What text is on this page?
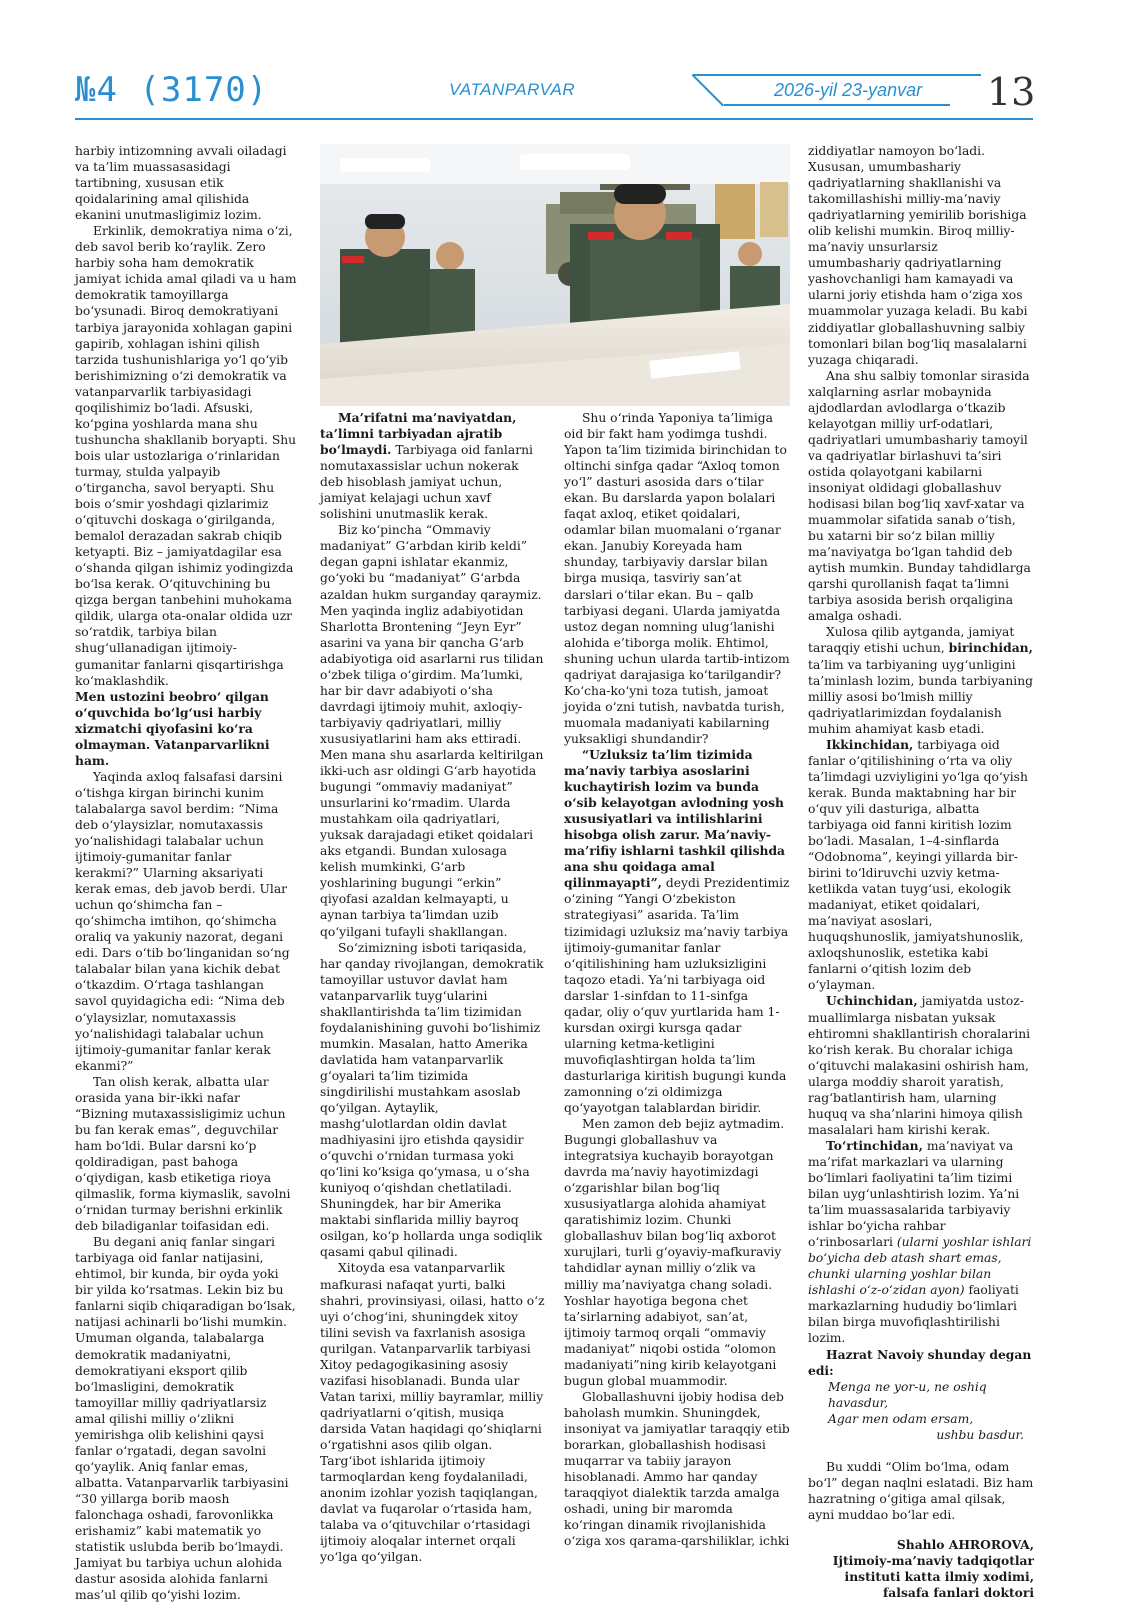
№4 (3170)	VATANPARVAR	2026-yil 23-yanvar 13

harbiy intizomning avvali oiladagi va ta’lim muassasasidagi tartibning, xususan etik qoidalarining amal qilishida ekanini unutmasligimiz lozim.

Erkinlik, demokratiya nima o‘zi, deb savol berib ko‘raylik. Zero harbiy soha ham demokratik jamiyat ichida amal qiladi va u ham demokratik tamoyillarga bo‘ysunadi. Biroq demokratiyani tarbiya jarayonida xohlagan gapini gapirib, xohlagan ishini qilish tarzida tushunishlariga yo‘l qo‘yib berishimizning o‘zi demokratik va vatanparvarlik tarbiyasidagi qoqilishimiz bo‘ladi. Afsuski, ko‘pgina yoshlarda mana shu tushuncha shakllanib boryapti. Shu bois ular ustozlariga o‘rinlaridan turmay, stulda yalpayib o‘tirgancha, savol beryapti. Shu bois o‘smir yoshdagi qizlarimiz o‘qituvchi doskaga o‘girilganda, bemalol derazadan sakrab chiqib ketyapti. Biz – jamiyatdagilar esa o‘shanda qilgan ishimiz yodingizda bo‘lsa kerak. O‘qituvchining bu qizga bergan tanbehini muhokama qildik, ularga ota-onalar oldida uzr so‘ratdik, tarbiya bilan shug‘ullanadigan ijtimoiy-gumanitar fanlarni qisqartirishga ko‘maklashdik.

Men ustozini beobro‘ qilgan o‘quvchida bo‘lg‘usi harbiy xizmatchi qiyofasini ko‘ra olmayman. Vatanparvarlikni ham.

Yaqinda axloq falsafasi darsini o‘tishga kirgan birinchi kunim talabalarga savol berdim: “Nima deb o‘ylaysizlar, nomutaxassis yo‘nalishidagi talabalar uchun ijtimoiy-gumanitar fanlar kerakmi?” Ularning aksariyati kerak emas, deb javob berdi. Ular uchun qo‘shimcha fan – qo‘shimcha imtihon, qo‘shimcha oraliq va yakuniy nazorat, degani edi. Dars o‘tib bo‘linganidan so‘ng talabalar bilan yana kichik debat o‘tkazdim. O‘rtaga tashlangan savol quyidagicha edi: “Nima deb o‘ylaysizlar, nomutaxassis yo‘nalishidagi talabalar uchun ijtimoiy-gumanitar fanlar kerak ekanmi?”

Tan olish kerak, albatta ular orasida yana bir-ikki nafar “Bizning mutaxassisligimiz uchun bu fan kerak emas”, deguvchilar ham bo‘ldi. Bular darsni ko‘p qoldiradigan, past bahoga o‘qiydigan, kasb etiketiga rioya qilmaslik, forma kiymaslik, savolni o‘rnidan turmay berishni erkinlik deb biladiganlar toifasidan edi.

Bu degani aniq fanlar singari tarbiyaga oid fanlar natijasini, ehtimol, bir kunda, bir oyda yoki bir yilda ko‘rsatmas. Lekin biz bu fanlarni siqib chiqaradigan bo‘lsak, natijasi achinarli bo‘lishi mumkin. Umuman olganda, talabalarga demokratik madaniyatni, demokratiyani eksport qilib bo‘lmasligini, demokratik tamoyillar milliy qadriyatlarsiz amal qilishi milliy o‘zlikni yemirishga olib kelishini qaysi fanlar o‘rgatadi, degan savolni qo‘yaylik. Aniq fanlar emas, albatta. Vatanparvarlik tarbiyasini “30 yillarga borib maosh falonchaga oshadi, farovonlikka erishamiz” kabi matematik yo statistik uslubda berib bo‘lmaydi. Jamiyat bu tarbiya uchun alohida dastur asosida alohida fanlarni mas’ul qilib qo‘yishi lozim.

Ma’rifatni ma’naviyatdan, ta’limni tarbiyadan ajratib bo‘lmaydi. Tarbiyaga oid fanlarni nomutaxassislar uchun nokerak deb hisoblash jamiyat uchun, jamiyat kelajagi uchun xavf solishini unutmaslik kerak.

Biz ko‘pincha “Ommaviy madaniyat” G‘arbdan kirib keldi” degan gapni ishlatar ekanmiz, go‘yoki bu “madaniyat” G‘arbda azaldan hukm surganday qaraymiz. Men yaqinda ingliz adabiyotidan Sharlotta Brontening “Jeyn Eyr” asarini va yana bir qancha G‘arb adabiyotiga oid asarlarni rus tilidan o‘zbek tiliga o‘girdim. Ma’lumki, har bir davr adabiyoti o‘sha davrdagi ijtimoiy muhit, axloqiy-tarbiyaviy qadriyatlari, milliy xususiyatlarini ham aks ettiradi. Men mana shu asarlarda keltirilgan ikki-uch asr oldingi G‘arb hayotida bugungi “ommaviy madaniyat” unsurlarini ko‘rmadim. Ularda mustahkam oila qadriyatlari, yuksak darajadagi etiket qoidalari aks etgandi. Bundan xulosaga kelish mumkinki, G‘arb yoshlarining bugungi “erkin” qiyofasi azaldan kelmayapti, u aynan tarbiya ta’limdan uzib qo‘yilgani tufayli shakllangan.

So‘zimizning isboti tariqasida, har qanday rivojlangan, demokratik tamoyillar ustuvor davlat ham vatanparvarlik tuyg‘ularini shakllantirishda ta’lim tizimidan foydalanishining guvohi bo‘lishimiz mumkin. Masalan, hatto Amerika davlatida ham vatanparvarlik g‘oyalari ta’lim tizimida singdirilishi mustahkam asoslab qo‘yilgan. Aytaylik, mashg‘ulotlardan oldin davlat madhiyasini ijro etishda qaysidir o‘quvchi o‘rnidan turmasa yoki qo‘lini ko‘ksiga qo‘ymasa, u o‘sha kuniyoq o‘qishdan chetlatiladi. Shuningdek, har bir Amerika maktabi sinflarida milliy bayroq osilgan, ko‘p hollarda unga sodiqlik qasami qabul qilinadi.

Xitoyda esa vatanparvarlik mafkurasi nafaqat yurti, balki shahri, provinsiyasi, oilasi, hatto o‘z uyi o‘chog‘ini, shuningdek xitoy tilini sevish va faxrlanish asosiga qurilgan. Vatanparvarlik tarbiyasi Xitoy pedagogikasining asosiy vazifasi hisoblanadi. Bunda ular Vatan tarixi, milliy bayramlar, milliy qadriyatlarni o‘qitish, musiqa darsida Vatan haqidagi qo‘shiqlarni o‘rgatishni asos qilib olgan. Targ‘ibot ishlarida ijtimoiy tarmoqlardan keng foydalaniladi, anonim izohlar yozish taqiqlangan, davlat va fuqarolar o‘rtasida ham, talaba va o‘qituvchilar o‘rtasidagi ijtimoiy aloqalar internet orqali yo‘lga qo‘yilgan.

Shu o‘rinda Yaponiya ta’limiga oid bir fakt ham yodimga tushdi. Yapon ta’lim tizimida birinchidan to oltinchi sinfga qadar “Axloq tomon yo‘l” dasturi asosida dars o‘tilar ekan. Bu darslarda yapon bolalari faqat axloq, etiket qoidalari, odamlar bilan muomalani o‘rganar ekan. Janubiy Koreyada ham shunday, tarbiyaviy darslar bilan birga musiqa, tasviriy san’at darslari o‘tilar ekan. Bu – qalb tarbiyasi degani. Ularda jamiyatda ustoz degan nomning ulug‘lanishi alohida e’tiborga molik. Ehtimol, shuning uchun ularda tartib-intizom qadriyat darajasiga ko‘tarilgandir? Ko‘cha-ko‘yni toza tutish, jamoat joyida o‘zni tutish, navbatda turish, muomala madaniyati kabilarning yuksakligi shundandir?

“Uzluksiz ta’lim tizimida ma’naviy tarbiya asoslarini kuchaytirish lozim va bunda o‘sib kelayotgan avlodning yosh xususiyatlari va intilishlarini hisobga olish zarur. Ma’naviy-ma’rifiy ishlarni tashkil qilishda ana shu qoidaga amal qilinmayapti”, deydi Prezidentimiz o‘zining “Yangi O‘zbekiston strategiyasi” asarida. Ta’lim tizimidagi uzluksiz ma’naviy tarbiya ijtimoiy-gumanitar fanlar o‘qitilishining ham uzluksizligini taqozo etadi. Ya’ni tarbiyaga oid darslar 1-sinfdan to 11-sinfga qadar, oliy o‘quv yurtlarida ham 1-kursdan oxirgi kursga qadar ularning ketma-ketligini muvofiqlashtirgan holda ta’lim dasturlariga kiritish bugungi kunda zamonning o‘zi oldimizga qo‘yayotgan talablardan biridir.

Men zamon deb bejiz aytmadim. Bugungi globallashuv va integratsiya kuchayib borayotgan davrda ma’naviy hayotimizdagi o‘zgarishlar bilan bog‘liq xususiyatlarga alohida ahamiyat qaratishimiz lozim. Chunki globallashuv bilan bog‘liq axborot xurujlari, turli g‘oyaviy-mafkuraviy tahdidlar aynan milliy o‘zlik va milliy ma’naviyatga chang soladi. Yoshlar hayotiga begona chet ta’sirlarning adabiyot, san’at, ijtimoiy tarmoq orqali “ommaviy madaniyat” niqobi ostida “olomon madaniyati”ning kirib kelayotgani bugun global muammodir.

Globallashuvni ijobiy hodisa deb baholash mumkin. Shuningdek, insoniyat va jamiyatlar taraqqiy etib borarkan, globallashish hodisasi muqarrar va tabiiy jarayon hisoblanadi. Ammo har qanday taraqqiyot dialektik tarzda amalga oshadi, uning bir maromda ko‘ringan dinamik rivojlanishida o‘ziga xos qarama-qarshiliklar, ichki

ziddiyatlar namoyon bo‘ladi. Xususan, umumbashariy qadriyatlarning shakllanishi va takomillashishi milliy-ma’naviy qadriyatlarning yemirilib borishiga olib kelishi mumkin. Biroq milliy-ma’naviy unsurlarsiz umumbashariy qadriyatlarning yashovchanligi ham kamayadi va ularni joriy etishda ham o‘ziga xos muammolar yuzaga keladi. Bu kabi ziddiyatlar globallashuvning salbiy tomonlari bilan bog‘liq masalalarni yuzaga chiqaradi.

Ana shu salbiy tomonlar sirasida xalqlarning asrlar mobaynida ajdodlardan avlodlarga o‘tkazib kelayotgan milliy urf-odatlari, qadriyatlari umumbashariy tamoyil va qadriyatlar birlashuvi ta’siri ostida qolayotgani kabilarni insoniyat oldidagi globallashuv hodisasi bilan bog‘liq xavf-xatar va muammolar sifatida sanab o‘tish, bu xatarni bir so‘z bilan milliy ma’naviyatga bo‘lgan tahdid deb aytish mumkin. Bunday tahdidlarga qarshi qurollanish faqat ta’limni tarbiya asosida berish orqaligina amalga oshadi.

Xulosa qilib aytganda, jamiyat taraqqiy etishi uchun, birinchidan, ta’lim va tarbiyaning uyg‘unligini ta’minlash lozim, bunda tarbiyaning milliy asosi bo‘lmish milliy qadriyatlarimizdan foydalanish muhim ahamiyat kasb etadi.

Ikkinchidan, tarbiyaga oid fanlar o‘qitilishining o‘rta va oliy ta’limdagi uzviyligini yo‘lga qo‘yish kerak. Bunda maktabning har bir o‘quv yili dasturiga, albatta tarbiyaga oid fanni kiritish lozim bo‘ladi. Masalan, 1–4-sinflarda “Odobnoma”, keyingi yillarda bir-birini to‘ldiruvchi uzviy ketma-ketlikda vatan tuyg‘usi, ekologik madaniyat, etiket qoidalari, ma’naviyat asoslari, huquqshunoslik, jamiyatshunoslik, axloqshunoslik, estetika kabi fanlarni o‘qitish lozim deb o‘ylayman.

Uchinchidan, jamiyatda ustoz-muallimlarga nisbatan yuksak ehtiromni shakllantirish choralarini ko‘rish kerak. Bu choralar ichiga o‘qituvchi malakasini oshirish ham, ularga moddiy sharoit yaratish, rag‘batlantirish ham, ularning huquq va sha’nlarini himoya qilish masalalari ham kirishi kerak.

To‘rtinchidan, ma’naviyat va ma’rifat markazlari va ularning bo‘limlari faoliyatini ta’lim tizimi bilan uyg‘unlashtirish lozim. Ya’ni ta’lim muassasalarida tarbiyaviy ishlar bo‘yicha rahbar o‘rinbosarlari (ularni yoshlar ishlari bo‘yicha deb atash shart emas, chunki ularning yoshlar bilan ishlashi o‘z-o‘zidan ayon) faoliyati markazlarning hududiy bo‘limlari bilan birga muvofiqlashtirilishi lozim.

Hazrat Navoiy shunday degan edi:

Menga ne yor-u, ne oshiq havasdur,

Agar men odam ersam,

ushbu basdur.

Bu xuddi “Olim bo‘lma, odam bo‘l” degan naqlni eslatadi. Biz ham hazratning o‘gitiga amal qilsak, ayni muddao bo‘lar edi.

Shahlo AHROROVA,
Ijtimoiy-ma’naviy tadqiqotlar
instituti katta ilmiy xodimi,
falsafa fanlari doktori
